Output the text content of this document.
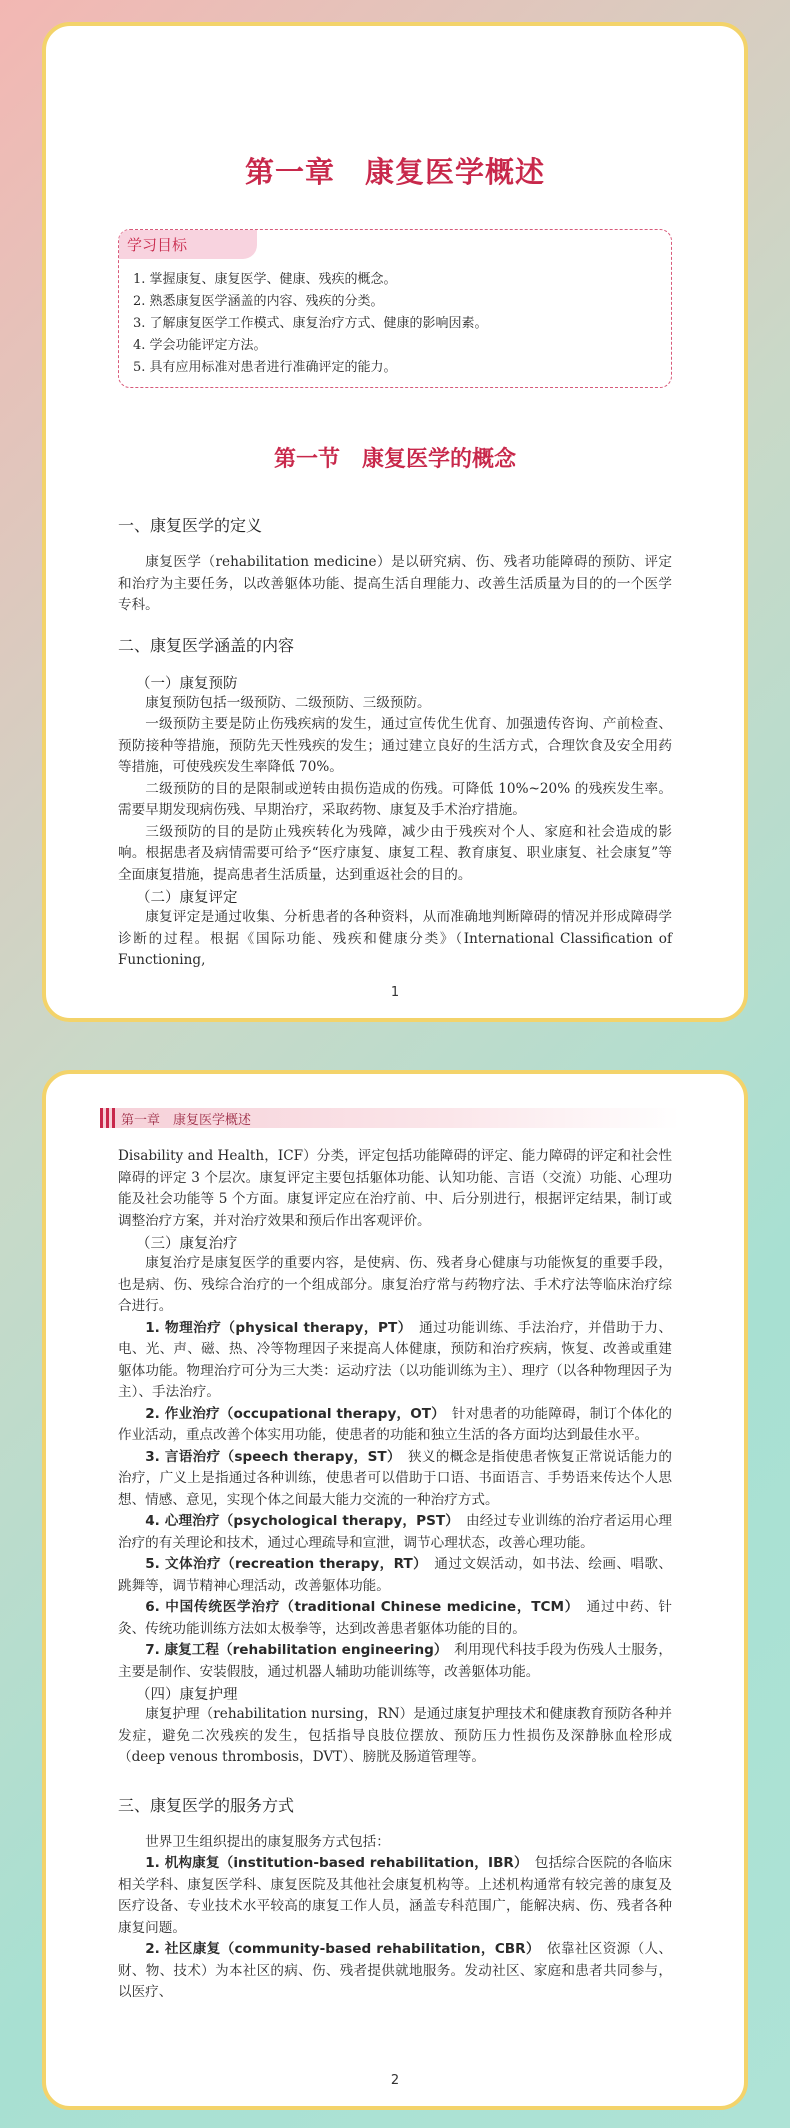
第一章　康复医学概述
学习目标
1. 掌握康复、康复医学、健康、残疾的概念。
2. 熟悉康复医学涵盖的内容、残疾的分类。
3. 了解康复医学工作模式、康复治疗方式、健康的影响因素。
4. 学会功能评定方法。
5. 具有应用标准对患者进行准确评定的能力。
第一节　康复医学的概念
一、康复医学的定义

康复医学（rehabilitation medicine）是以研究病、伤、残者功能障碍的预防、评定和治疗为主要任务，以改善躯体功能、提高生活自理能力、改善生活质量为目的的一个医学专科。

二、康复医学涵盖的内容
（一）康复预防

康复预防包括一级预防、二级预防、三级预防。

一级预防主要是防止伤残疾病的发生，通过宣传优生优育、加强遗传咨询、产前检查、预防接种等措施，预防先天性残疾的发生；通过建立良好的生活方式，合理饮食及安全用药等措施，可使残疾发生率降低 70%。

二级预防的目的是限制或逆转由损伤造成的伤残。可降低 10%~20% 的残疾发生率。需要早期发现病伤残、早期治疗，采取药物、康复及手术治疗措施。

三级预防的目的是防止残疾转化为残障，减少由于残疾对个人、家庭和社会造成的影响。根据患者及病情需要可给予“医疗康复、康复工程、教育康复、职业康复、社会康复”等全面康复措施，提高患者生活质量，达到重返社会的目的。

（二）康复评定

康复评定是通过收集、分析患者的各种资料，从而准确地判断障碍的情况并形成障碍学诊断的过程。根据《国际功能、残疾和健康分类》（International Classification of Functioning,

1
第一章　康复医学概述

Disability and Health，ICF）分类，评定包括功能障碍的评定、能力障碍的评定和社会性障碍的评定 3 个层次。康复评定主要包括躯体功能、认知功能、言语（交流）功能、心理功能及社会功能等 5 个方面。康复评定应在治疗前、中、后分别进行，根据评定结果，制订或调整治疗方案，并对治疗效果和预后作出客观评价。

（三）康复治疗

康复治疗是康复医学的重要内容，是使病、伤、残者身心健康与功能恢复的重要手段，也是病、伤、残综合治疗的一个组成部分。康复治疗常与药物疗法、手术疗法等临床治疗综合进行。

1. 物理治疗（physical therapy，PT）　 通过功能训练、手法治疗，并借助于力、电、光、声、磁、热、冷等物理因子来提高人体健康，预防和治疗疾病，恢复、改善或重建躯体功能。物理治疗可分为三大类：运动疗法（以功能训练为主）、理疗（以各种物理因子为主）、手法治疗。

2. 作业治疗（occupational therapy，OT）　 针对患者的功能障碍，制订个体化的作业活动，重点改善个体实用功能，使患者的功能和独立生活的各方面均达到最佳水平。

3. 言语治疗（speech therapy，ST）　 狭义的概念是指使患者恢复正常说话能力的治疗，广义上是指通过各种训练，使患者可以借助于口语、书面语言、手势语来传达个人思想、情感、意见，实现个体之间最大能力交流的一种治疗方式。

4. 心理治疗（psychological therapy，PST）　 由经过专业训练的治疗者运用心理治疗的有关理论和技术，通过心理疏导和宣泄，调节心理状态，改善心理功能。

5. 文体治疗（recreation therapy，RT）　 通过文娱活动，如书法、绘画、唱歌、跳舞等，调节精神心理活动，改善躯体功能。

6. 中国传统医学治疗（traditional Chinese medicine，TCM）　 通过中药、针灸、传统功能训练方法如太极拳等，达到改善患者躯体功能的目的。

7. 康复工程（rehabilitation engineering）　 利用现代科技手段为伤残人士服务，主要是制作、安装假肢，通过机器人辅助功能训练等，改善躯体功能。

（四）康复护理

康复护理（rehabilitation nursing，RN）是通过康复护理技术和健康教育预防各种并发症，避免二次残疾的发生，包括指导良肢位摆放、预防压力性损伤及深静脉血栓形成（deep venous thrombosis，DVT）、膀胱及肠道管理等。

三、康复医学的服务方式

世界卫生组织提出的康复服务方式包括：

1. 机构康复（institution-based rehabilitation，IBR）　 包括综合医院的各临床相关学科、康复医学科、康复医院及其他社会康复机构等。上述机构通常有较完善的康复及医疗设备、专业技术水平较高的康复工作人员，涵盖专科范围广，能解决病、伤、残者各种康复问题。

2. 社区康复（community-based rehabilitation，CBR）　 依靠社区资源（人、财、物、技术）为本社区的病、伤、残者提供就地服务。发动社区、家庭和患者共同参与，以医疗、

2
